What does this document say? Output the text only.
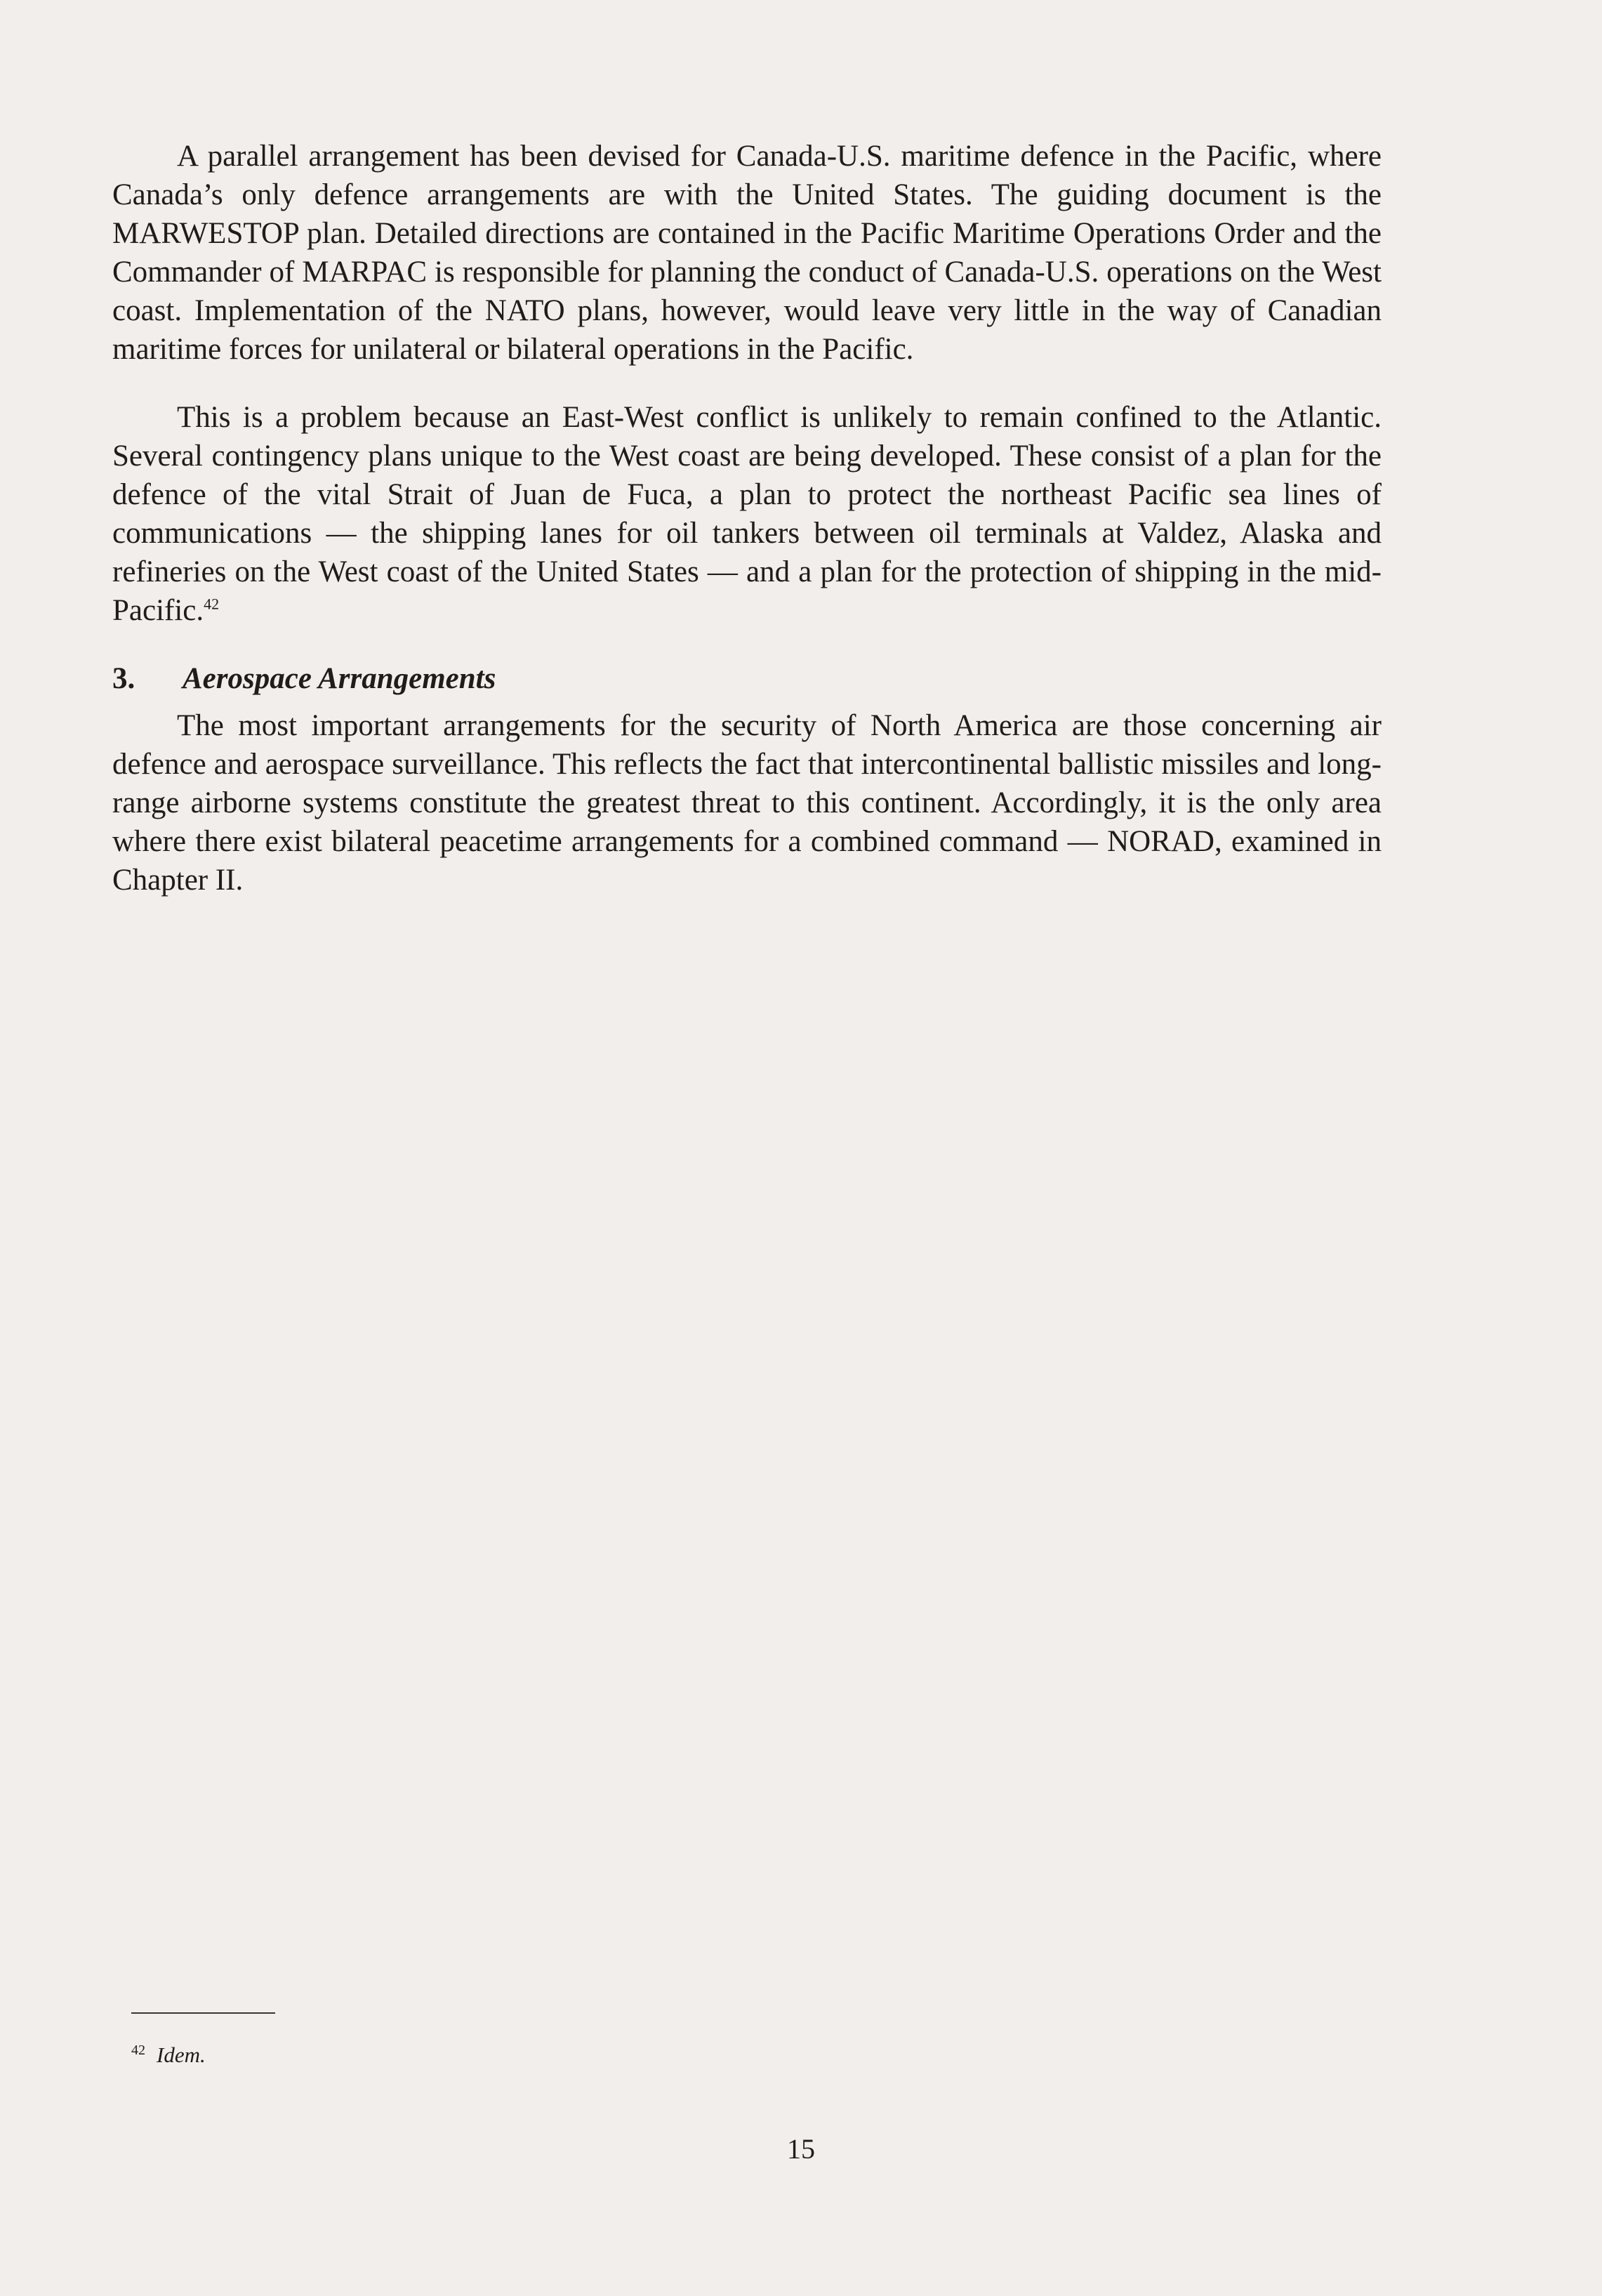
A parallel arrangement has been devised for Canada-U.S. maritime defence in the Pacific, where Canada’s only defence arrangements are with the United States. The guiding document is the MARWESTOP plan. Detailed directions are contained in the Pacific Maritime Operations Order and the Commander of MARPAC is responsible for planning the conduct of Canada-U.S. operations on the West coast. Implementation of the NATO plans, however, would leave very little in the way of Canadian maritime forces for unilateral or bilateral operations in the Pacific.

This is a problem because an East-West conflict is unlikely to remain confined to the Atlantic. Several contingency plans unique to the West coast are being developed. These consist of a plan for the defence of the vital Strait of Juan de Fuca, a plan to protect the northeast Pacific sea lines of communications — the shipping lanes for oil tankers between oil terminals at Valdez, Alaska and refineries on the West coast of the United States — and a plan for the protection of shipping in the mid-Pacific.$^{42}$

3. Aerospace Arrangements

The most important arrangements for the security of North America are those concerning air defence and aerospace surveillance. This reflects the fact that intercontinental ballistic missiles and long-range airborne systems constitute the greatest threat to this continent. Accordingly, it is the only area where there exist bilateral peacetime arrangements for a combined command — NORAD, examined in Chapter II.

$^{42}$ Idem.
15
